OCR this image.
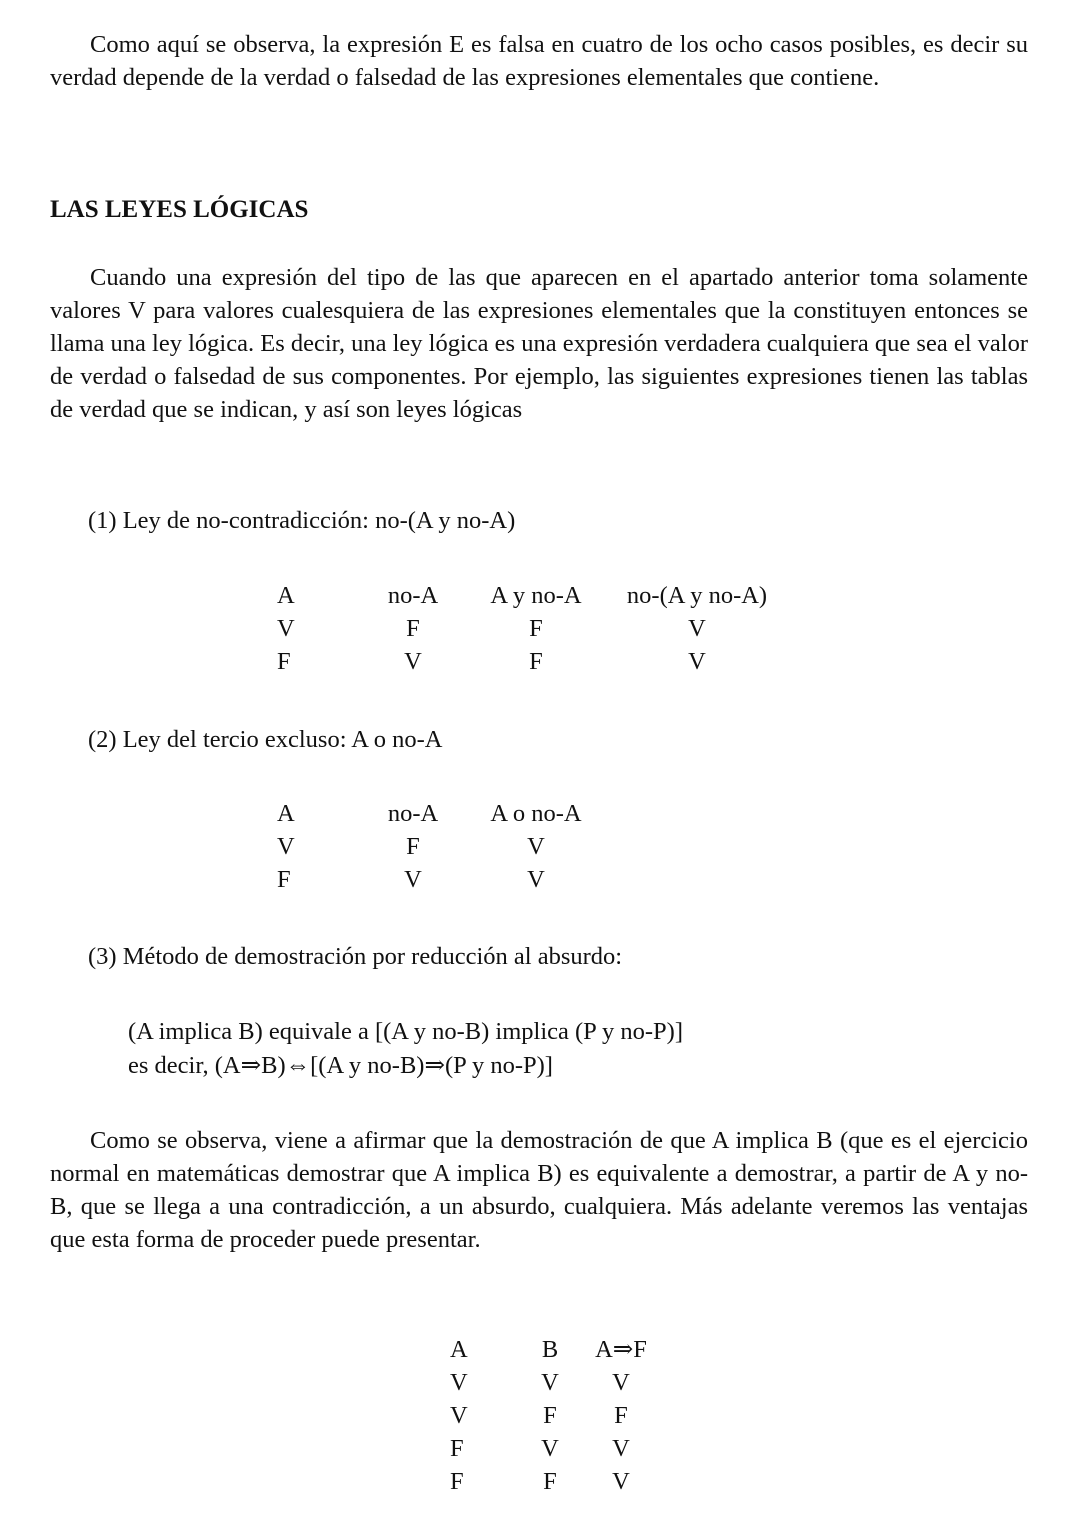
Como aquí se observa, la expresión E es falsa en cuatro de los ocho casos posibles, es decir su verdad depende de la verdad o falsedad de las expresiones elementales que contiene.

LAS LEYES LÓGICAS

Cuando una expresión del tipo de las que aparecen en el apartado anterior toma solamente valores V para valores cualesquiera de las expresiones elementales que la constituyen entonces se llama una ley lógica. Es decir, una ley lógica es una expresión verdadera cualquiera que sea el valor de verdad o falsedad de sus componentes. Por ejemplo, las siguientes expresiones tienen las tablas de verdad que se indican, y así son leyes lógicas

(1) Ley de no-contradicción: no-(A y no-A)

A	no-A	A y no-A	no-(A y no-A)
V	F	F	V
F	V	F	V

(2) Ley del tercio excluso: A o no-A

A	no-A	A o no-A
V	F	V
F	V	V

(3) Método de demostración por reducción al absurdo:

(A implica B) equivale a [(A y no-B) implica (P y no-P)]

es decir, (A⇒B)⇔[(A y no-B)⇒(P y no-P)]

Como se observa, viene a afirmar que la demostración de que A implica B (que es el ejercicio normal en matemáticas demostrar que A implica B) es equivalente a demostrar, a partir de A y no-B, que se llega a una contradicción, a un absurdo, cualquiera. Más adelante veremos las ventajas que esta forma de proceder puede presentar.

A	B	A⇒F
V	V	V
V	F	F
F	V	V
F	F	V
